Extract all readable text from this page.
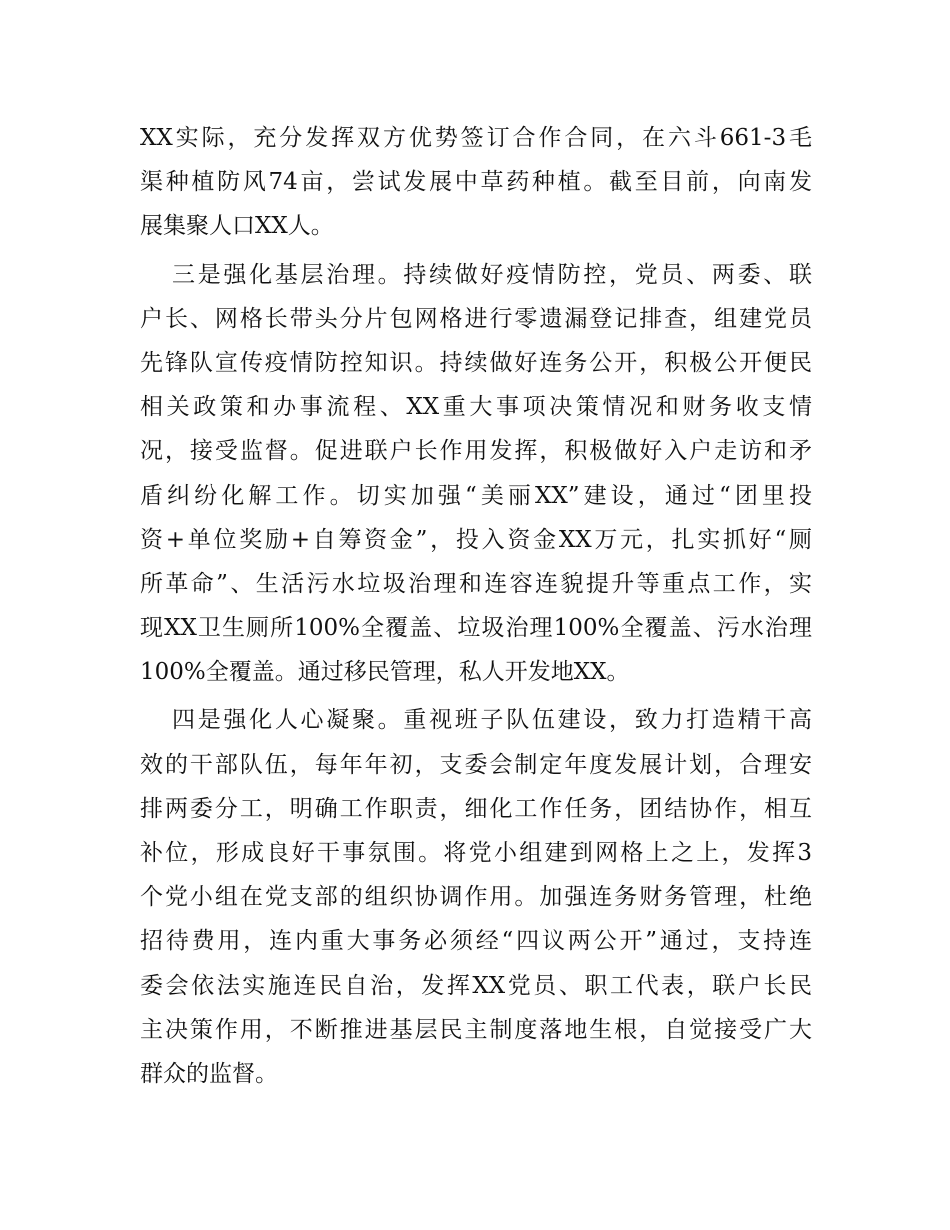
XX实际，充分发挥双方优势签订合作合同，在六斗661-3毛
渠种植防风74亩，尝试发展中草药种植。截至目前，向南发
展集聚人口XX人。
三是强化基层治理。持续做好疫情防控，党员、两委、联
户长、网格长带头分片包网格进行零遗漏登记排查，组建党员
先锋队宣传疫情防控知识。持续做好连务公开，积极公开便民
相关政策和办事流程、XX重大事项决策情况和财务收支情
况，接受监督。促进联户长作用发挥，积极做好入户走访和矛
盾纠纷化解工作。切实加强“美丽XX”建设，通过“团里投
资+单位奖励+自筹资金”，投入资金XX万元，扎实抓好“厕
所革命”、生活污水垃圾治理和连容连貌提升等重点工作，实
现XX卫生厕所100%全覆盖、垃圾治理100%全覆盖、污水治理
100%全覆盖。通过移民管理，私人开发地XX。
四是强化人心凝聚。重视班子队伍建设，致力打造精干高
效的干部队伍，每年年初，支委会制定年度发展计划，合理安
排两委分工，明确工作职责，细化工作任务，团结协作，相互
补位，形成良好干事氛围。将党小组建到网格上之上，发挥3
个党小组在党支部的组织协调作用。加强连务财务管理，杜绝
招待费用，连内重大事务必须经“四议两公开”通过，支持连
委会依法实施连民自治，发挥XX党员、职工代表，联户长民
主决策作用，不断推进基层民主制度落地生根，自觉接受广大
群众的监督。
